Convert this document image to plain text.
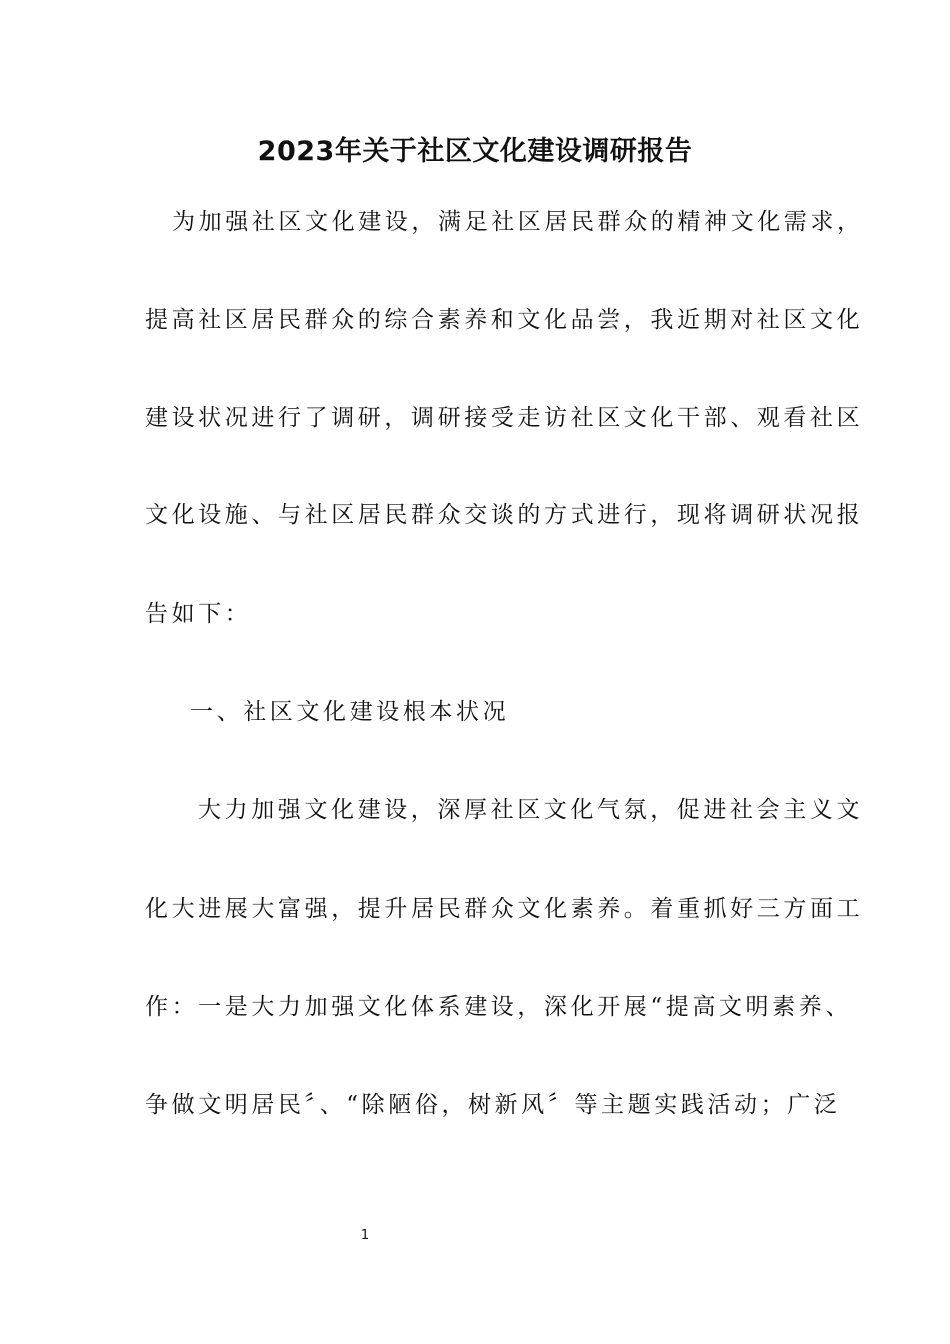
2023年关于社区文化建设调研报告
为加强社区文化建设，满足社区居民群众的精神文化需求，
提高社区居民群众的综合素养和文化品尝，我近期对社区文化
建设状况进行了调研，调研接受走访社区文化干部、观看社区
文化设施、与社区居民群众交谈的方式进行，现将调研状况报
告如下：
一、社区文化建设根本状况
大力加强文化建设，深厚社区文化气氛，促进社会主义文
化大进展大富强，提升居民群众文化素养。着重抓好三方面工
作：一是大力加强文化体系建设，深化开展“提高文明素养、
争做文明居民〞、“除陋俗，树新风〞等主题实践活动；广泛
1
